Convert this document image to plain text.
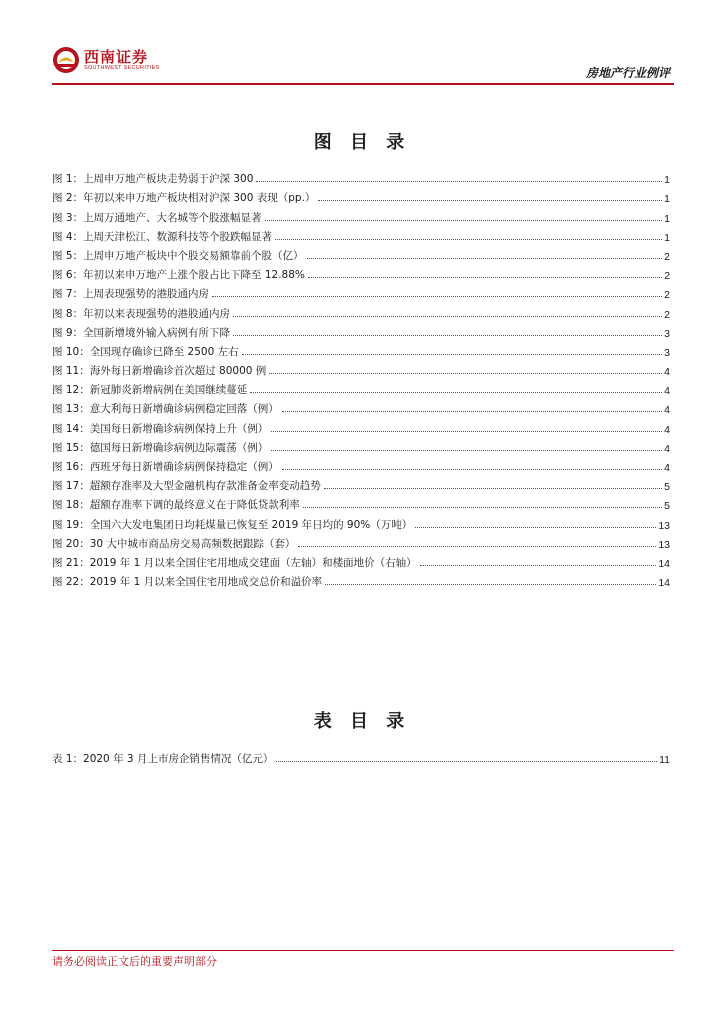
西南证券
SOUTHWEST SECURITIES	房地产行业例评
图 目 录
图 1：上周申万地产板块走势弱于沪深 300	1
图 2：年初以来申万地产板块相对沪深 300 表现（pp.）	1
图 3：上周万通地产、大名城等个股涨幅显著	1
图 4：上周天津松江、数源科技等个股跌幅显著	1
图 5：上周申万地产板块中个股交易额靠前个股（亿）	2
图 6：年初以来申万地产上涨个股占比下降至 12.88%	2
图 7：上周表现强势的港股通内房	2
图 8：年初以来表现强势的港股通内房	2
图 9：全国新增境外输入病例有所下降	3
图 10：全国现存确诊已降至 2500 左右	3
图 11：海外每日新增确诊首次超过 80000 例	4
图 12：新冠肺炎新增病例在美国继续蔓延	4
图 13：意大利每日新增确诊病例稳定回落（例）	4
图 14：美国每日新增确诊病例保持上升（例）	4
图 15：德国每日新增确诊病例边际震荡（例）	4
图 16：西班牙每日新增确诊病例保持稳定（例）	4
图 17：超额存准率及大型金融机构存款准备金率变动趋势	5
图 18：超额存准率下调的最终意义在于降低贷款利率	5
图 19：全国六大发电集团日均耗煤量已恢复至 2019 年日均的 90%（万吨）	13
图 20：30 大中城市商品房交易高频数据跟踪（套）	13
图 21：2019 年 1 月以来全国住宅用地成交建面（左轴）和楼面地价（右轴）	14
图 22：2019 年 1 月以来全国住宅用地成交总价和溢价率	14
表 目 录
表 1：2020 年 3 月上市房企销售情况（亿元）	11
请务必阅读正文后的重要声明部分
